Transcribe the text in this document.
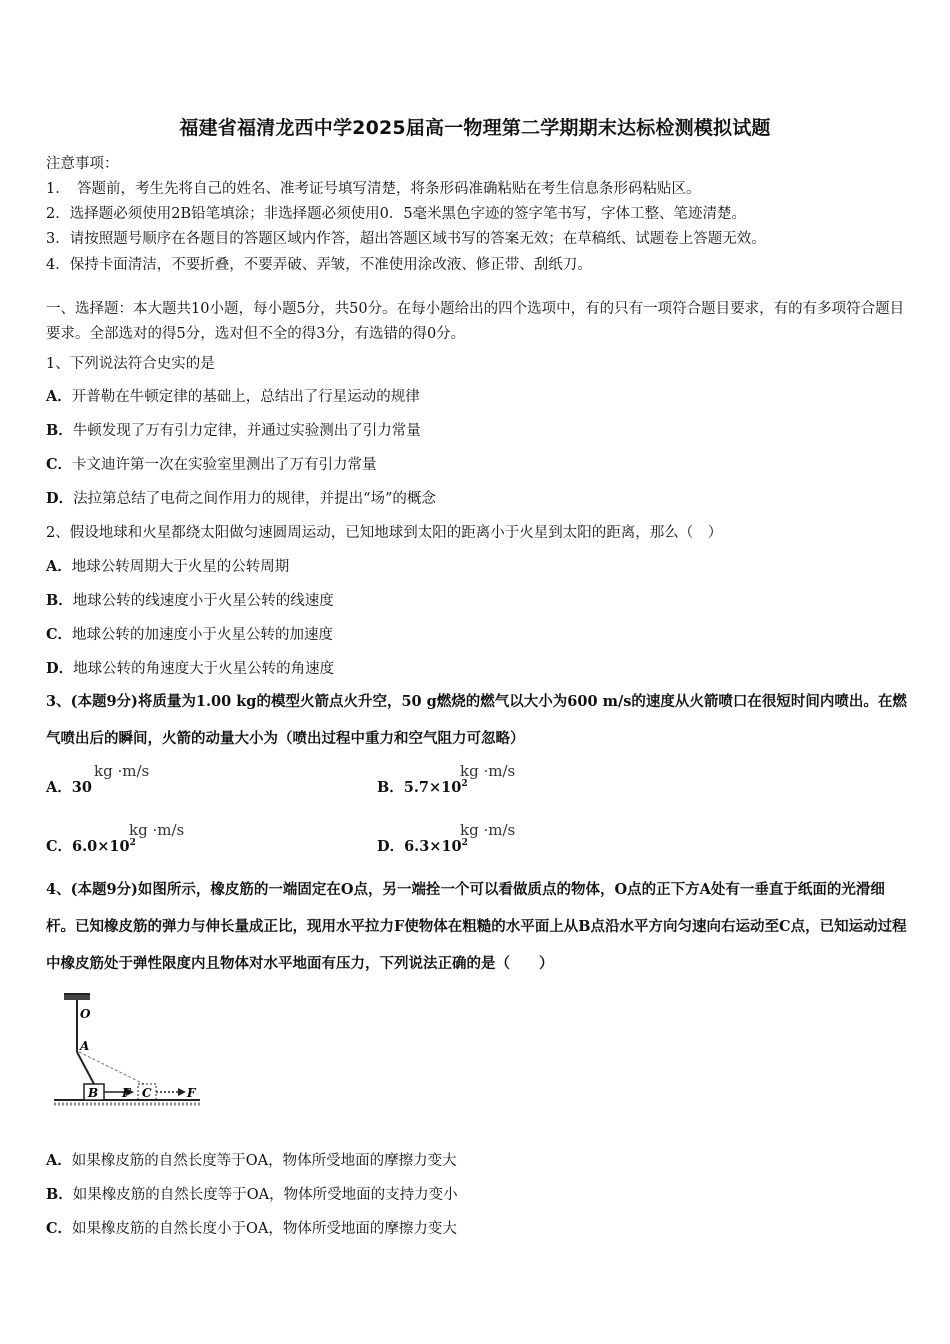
福建省福清龙西中学2025届高一物理第二学期期末达标检测模拟试题
注意事项：
1．　答题前，考生先将自己的姓名、准考证号填写清楚，将条形码准确粘贴在考生信息条形码粘贴区。
2．选择题必须使用2B铅笔填涂；非选择题必须使用0．5毫米黑色字迹的签字笔书写，字体工整、笔迹清楚。
3．请按照题号顺序在各题目的答题区域内作答，超出答题区域书写的答案无效；在草稿纸、试题卷上答题无效。
4．保持卡面清洁，不要折叠，不要弄破、弄皱，不准使用涂改液、修正带、刮纸刀。
一、选择题：本大题共10小题，每小题5分，共50分。在每小题给出的四个选项中，有的只有一项符合题目要求，有的有多项符合题目要求。全部选对的得5分，选对但不全的得3分，有选错的得0分。
1、下列说法符合史实的是
A．开普勒在牛顿定律的基础上，总结出了行星运动的规律
B．牛顿发现了万有引力定律，并通过实验测出了引力常量
C．卡文迪许第一次在实验室里测出了万有引力常量
D．法拉第总结了电荷之间作用力的规律，并提出“场”的概念
2、假设地球和火星都绕太阳做匀速圆周运动，已知地球到太阳的距离小于火星到太阳的距离，那么（　）
A．地球公转周期大于火星的公转周期
B．地球公转的线速度小于火星公转的线速度
C．地球公转的加速度小于火星公转的加速度
D．地球公转的角速度大于火星公转的角速度
3、(本题9分)将质量为1.00 kg的模型火箭点火升空，50 g燃烧的燃气以大小为600 m/s的速度从火箭喷口在很短时间内喷出。在燃气喷出后的瞬间，火箭的动量大小为（喷出过程中重力和空气阻力可忽略）
A．30
kg ·m/s
B．$5.7\times 10^2$
kg ·m/s
C．$6.0\times 10^2$
kg ·m/s
D．$6.3\times 10^2$
kg ·m/s
4、(本题9分)如图所示，橡皮筋的一端固定在O点，另一端拴一个可以看做质点的物体，O点的正下方A处有一垂直于纸面的光滑细杆。已知橡皮筋的弹力与伸长量成正比，现用水平拉力F使物体在粗糙的水平面上从B点沿水平方向匀速向右运动至C点，已知运动过程中橡皮筋处于弹性限度内且物体对水平地面有压力，下列说法正确的是（　　）
O
A
B F C	F
A．如果橡皮筋的自然长度等于OA，物体所受地面的摩擦力变大
B．如果橡皮筋的自然长度等于OA，物体所受地面的支持力变小
C．如果橡皮筋的自然长度小于OA，物体所受地面的摩擦力变大
